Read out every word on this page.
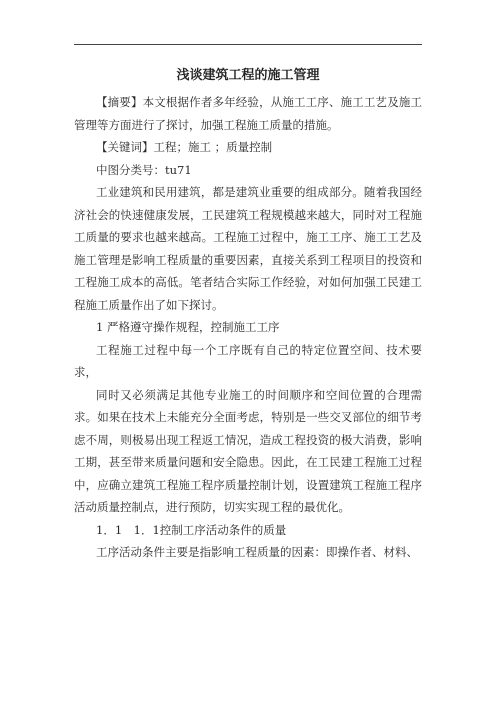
浅谈建筑工程的施工管理

【摘要】本文根据作者多年经验，从施工工序、施工工艺及施工管理等方面进行了探讨，加强工程施工质量的措施。

【关键词】工程；施工 ；质量控制

中图分类号：tu71

工业建筑和民用建筑，都是建筑业重要的组成部分。随着我国经济社会的快速健康发展，工民建筑工程规模越来越大，同时对工程施工质量的要求也越来越高。工程施工过程中，施工工序、施工工艺及施工管理是影响工程质量的重要因素，直接关系到工程项目的投资和工程施工成本的高低。笔者结合实际工作经验，对如何加强工民建工程施工质量作出了如下探讨。

1 严格遵守操作规程，控制施工工序

工程施工过程中每一个工序既有自己的特定位置空间、技术要求，

同时又必须满足其他专业施工的时间顺序和空间位置的合理需求。如果在技术上未能充分全面考虑，特别是一些交叉部位的细节考虑不周，则极易出现工程返工情况，造成工程投资的极大消费，影响工期，甚至带来质量问题和安全隐患。因此，在工民建工程施工过程中，应确立建筑工程施工程序质量控制计划，设置建筑工程施工程序活动质量控制点，进行预防，切实实现工程的最优化。

1．1　1．1控制工序活动条件的质量

工序活动条件主要是指影响工程质量的因素：即操作者、材料、
